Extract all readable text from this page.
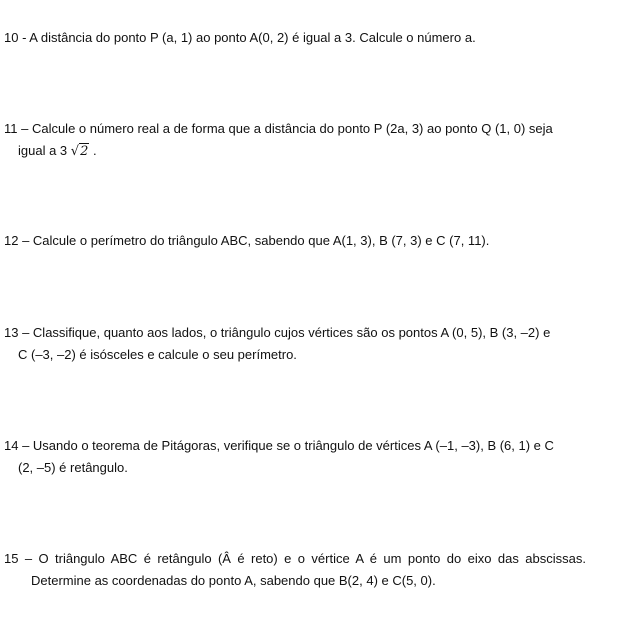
10 - A distância do ponto P (a, 1) ao ponto A(0, 2) é igual a 3. Calcule o número a.
11 – Calcule o número real a de forma que a distância do ponto P (2a, 3) ao ponto Q (1, 0) seja
igual a 3 √2 .
12 – Calcule o perímetro do triângulo ABC, sabendo que A(1, 3), B (7, 3) e C (7, 11).
13 – Classifique, quanto aos lados, o triângulo cujos vértices são os pontos A (0, 5), B (3, –2) e
C (–3, –2) é isósceles e calcule o seu perímetro.
14 – Usando o teorema de Pitágoras, verifique se o triângulo de vértices A (–1, –3), B (6, 1) e C
(2, –5) é retângulo.
15 – O triângulo ABC é retângulo (Â é reto) e o vértice A é um ponto do eixo das abscissas.
Determine as coordenadas do ponto A, sabendo que B(2, 4) e C(5, 0).
